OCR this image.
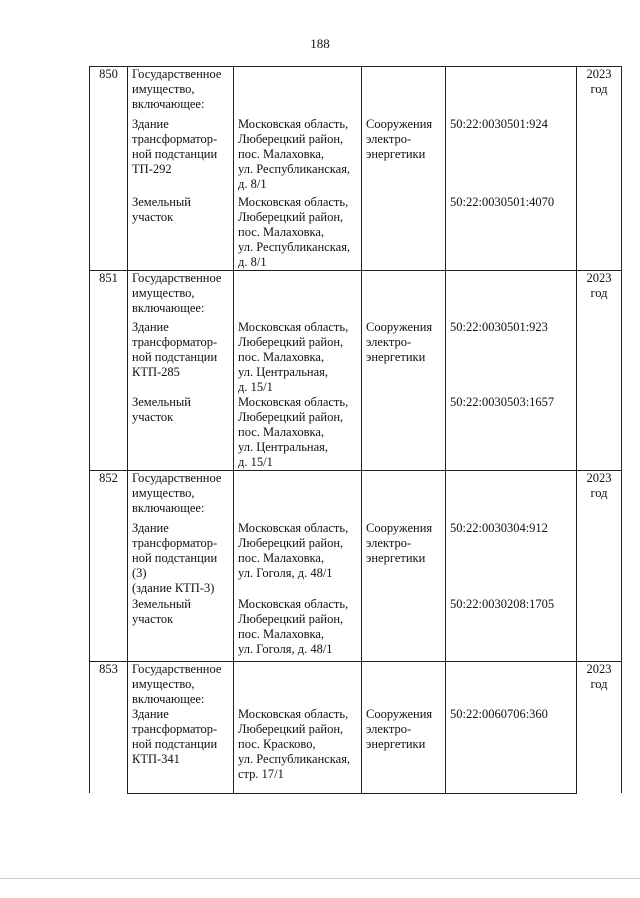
188
850	Государственное
имущество,
включающее:				2023
год

	Здание
трансформатор-
ной подстанции
ТП-292	Московская область,
Люберецкий район,
пос. Малаховка,
ул. Республиканская,
д. 8/1	Сооружения
электро-
энергетики	50:22:0030501:924	

	Земельный
участок	Московская область,
Люберецкий район,
пос. Малаховка,
ул. Республиканская,
д. 8/1		50:22:0030501:4070	

851	Государственное
имущество,
включающее:				2023
год

	Здание
трансформатор-
ной подстанции
КТП-285	Московская область,
Люберецкий район,
пос. Малаховка,
ул. Центральная,
д. 15/1	Сооружения
электро-
энергетики	50:22:0030501:923	

	Земельный
участок	Московская область,
Люберецкий район,
пос. Малаховка,
ул. Центральная,
д. 15/1		50:22:0030503:1657	

852	Государственное
имущество,
включающее:				2023
год

	Здание
трансформатор-
ной подстанции
(3)
(здание КТП-3)	Московская область,
Люберецкий район,
пос. Малаховка,
ул. Гоголя, д. 48/1	Сооружения
электро-
энергетики	50:22:0030304:912	

	Земельный
участок	Московская область,
Люберецкий район,
пос. Малаховка,
ул. Гоголя, д. 48/1		50:22:0030208:1705	

853	Государственное
имущество,
включающее:				2023
год

	Здание
трансформатор-
ной подстанции
КТП-341	Московская область,
Люберецкий район,
пос. Красково,
ул. Республиканская,
стр. 17/1	Сооружения
электро-
энергетики	50:22:0060706:360	
